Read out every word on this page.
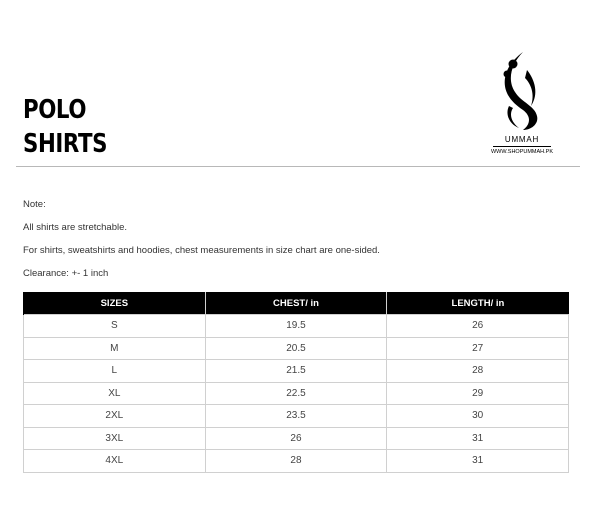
POLO
SHIRTS	UMMAH
WWW.SHOPUMMAH.PK
Note:
All shirts are stretchable.
For shirts, sweatshirts and hoodies, chest measurements in size chart are one-sided.
Clearance: +- 1 inch
SIZES	CHEST/ in	LENGTH/ in
S	19.5	26
M	20.5	27
L	21.5	28
XL	22.5	29
2XL	23.5	30
3XL	26	31
4XL	28	31
